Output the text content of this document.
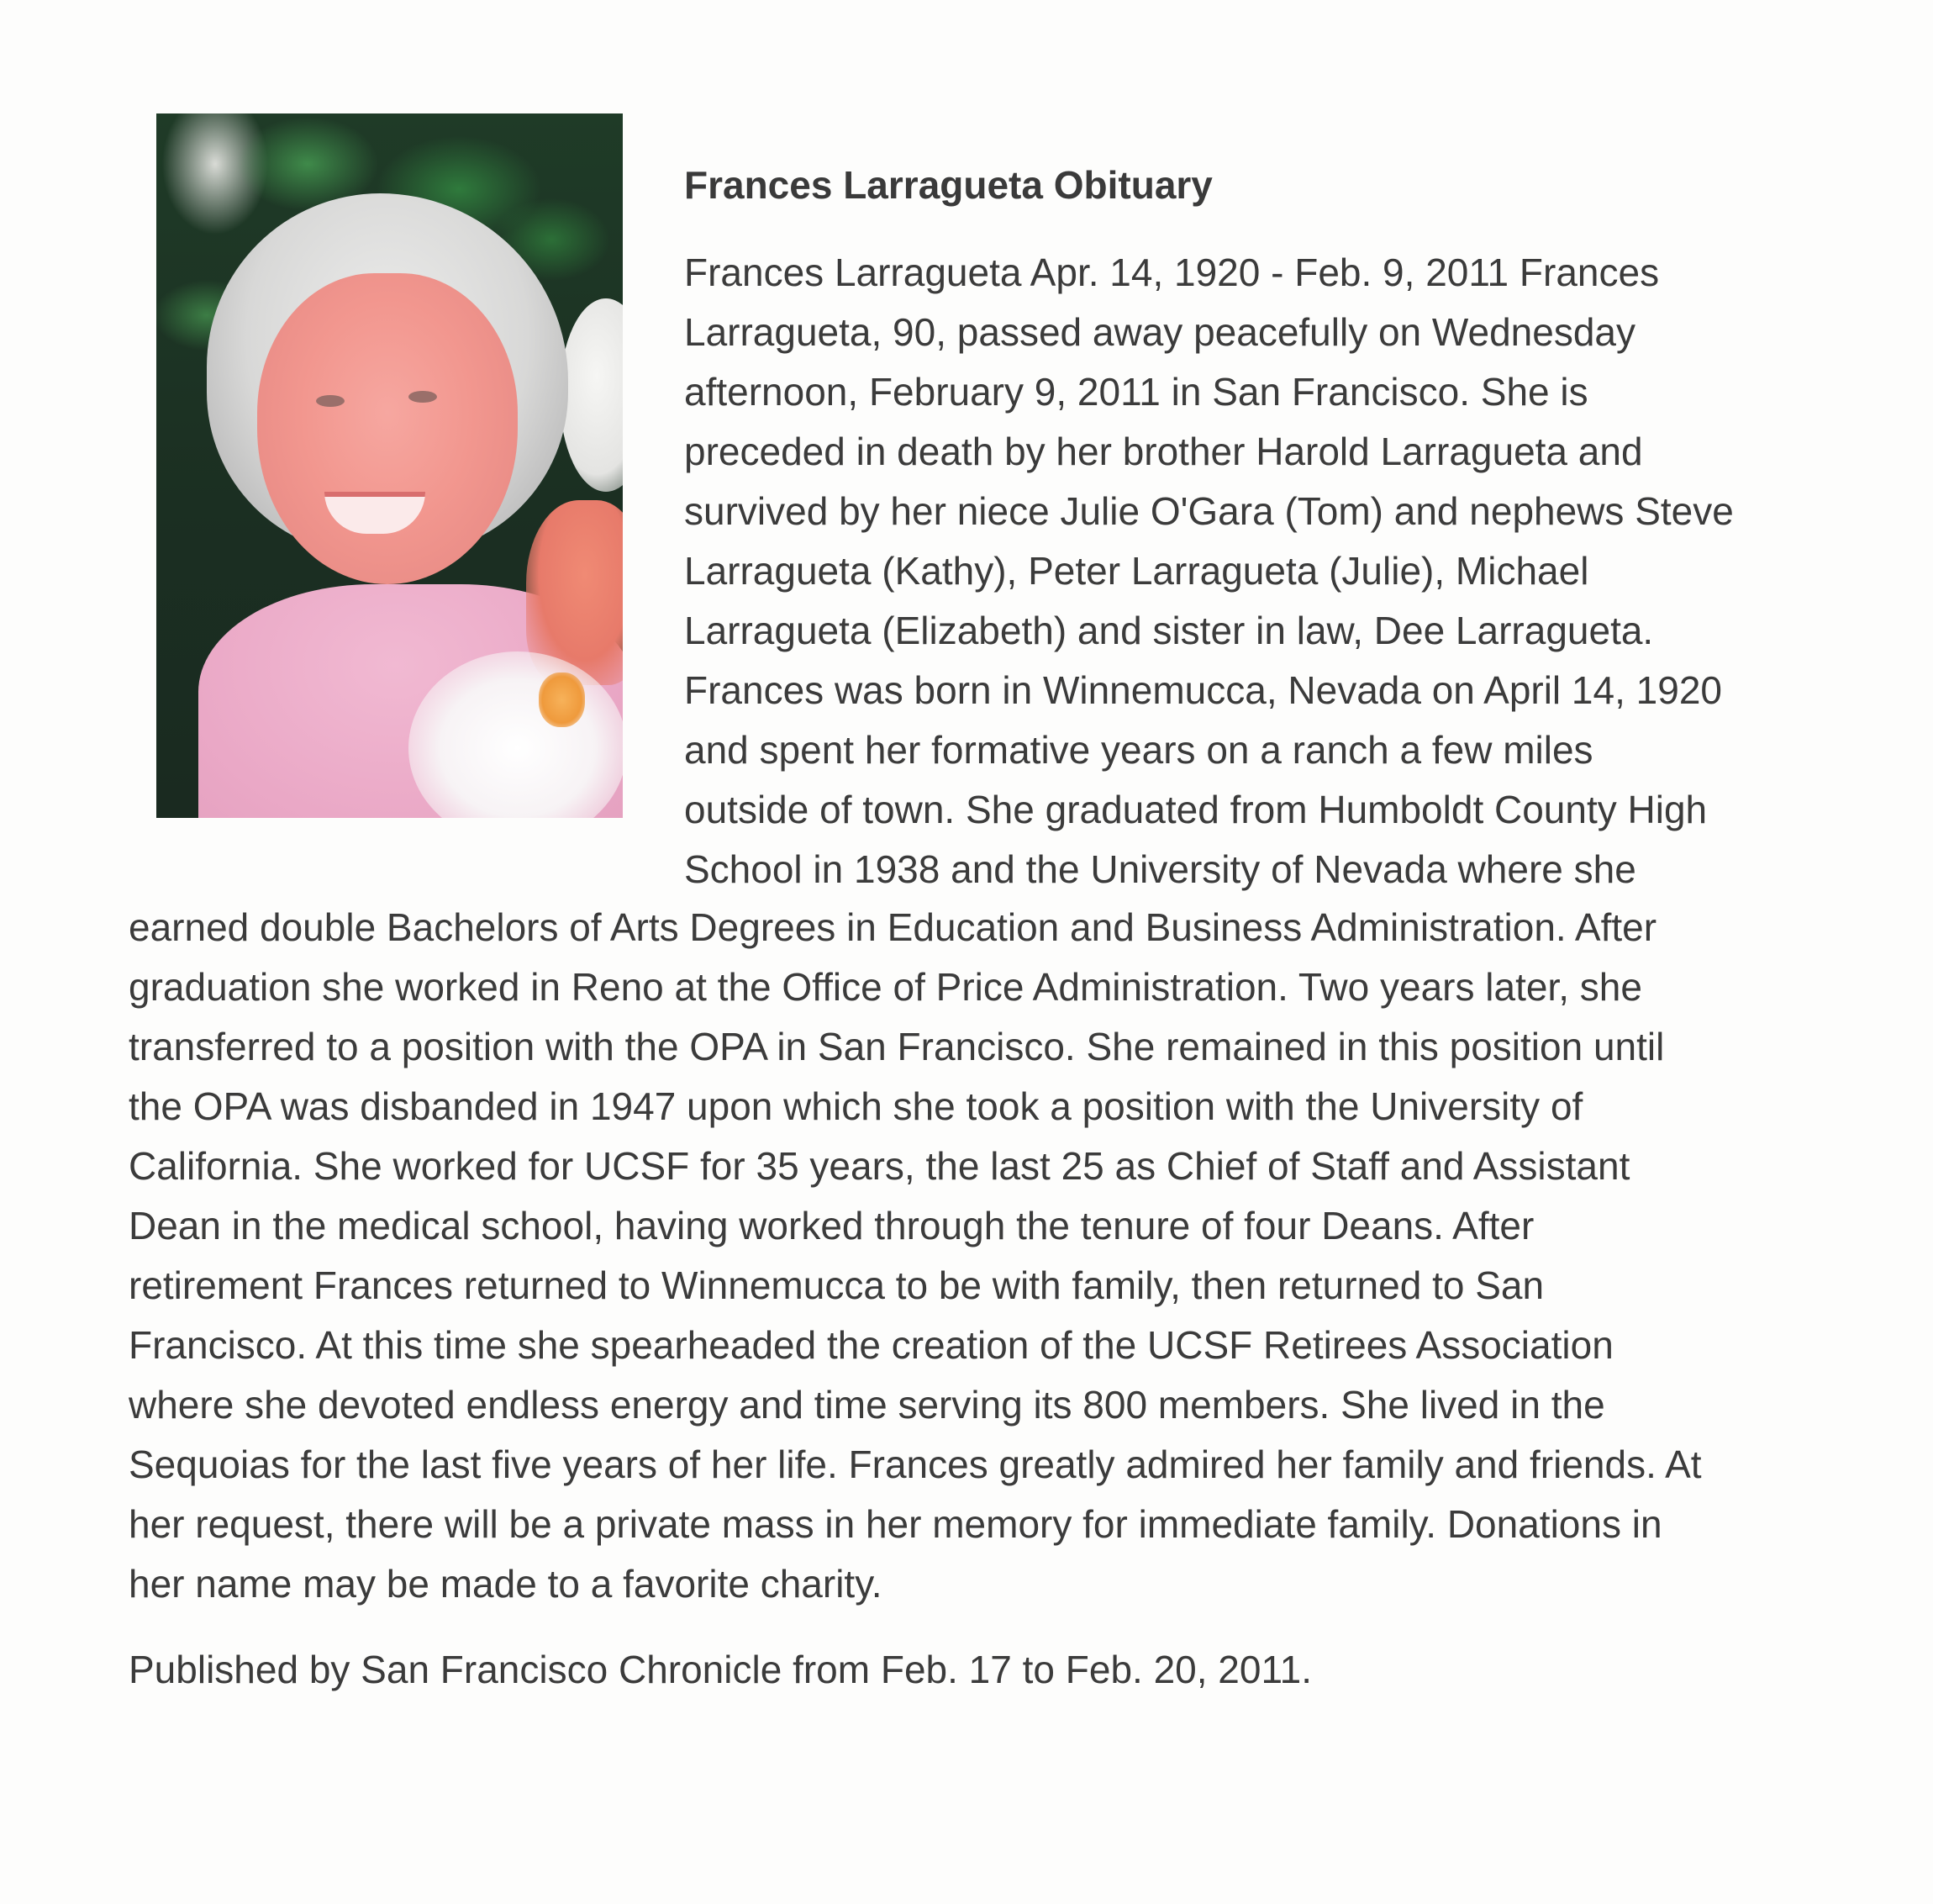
Frances Larragueta Obituary
Frances Larragueta Apr. 14, 1920 - Feb. 9, 2011 Frances
Larragueta, 90, passed away peacefully on Wednesday
afternoon, February 9, 2011 in San Francisco. She is
preceded in death by her brother Harold Larragueta and
survived by her niece Julie O'Gara (Tom) and nephews Steve
Larragueta (Kathy), Peter Larragueta (Julie), Michael
Larragueta (Elizabeth) and sister in law, Dee Larragueta.
Frances was born in Winnemucca, Nevada on April 14, 1920
and spent her formative years on a ranch a few miles
outside of town. She graduated from Humboldt County High
School in 1938 and the University of Nevada where she
earned double Bachelors of Arts Degrees in Education and Business Administration. After
graduation she worked in Reno at the Office of Price Administration. Two years later, she
transferred to a position with the OPA in San Francisco. She remained in this position until
the OPA was disbanded in 1947 upon which she took a position with the University of
California. She worked for UCSF for 35 years, the last 25 as Chief of Staff and Assistant
Dean in the medical school, having worked through the tenure of four Deans. After
retirement Frances returned to Winnemucca to be with family, then returned to San
Francisco. At this time she spearheaded the creation of the UCSF Retirees Association
where she devoted endless energy and time serving its 800 members. She lived in the
Sequoias for the last five years of her life. Frances greatly admired her family and friends. At
her request, there will be a private mass in her memory for immediate family. Donations in
her name may be made to a favorite charity.

Published by San Francisco Chronicle from Feb. 17 to Feb. 20, 2011.
